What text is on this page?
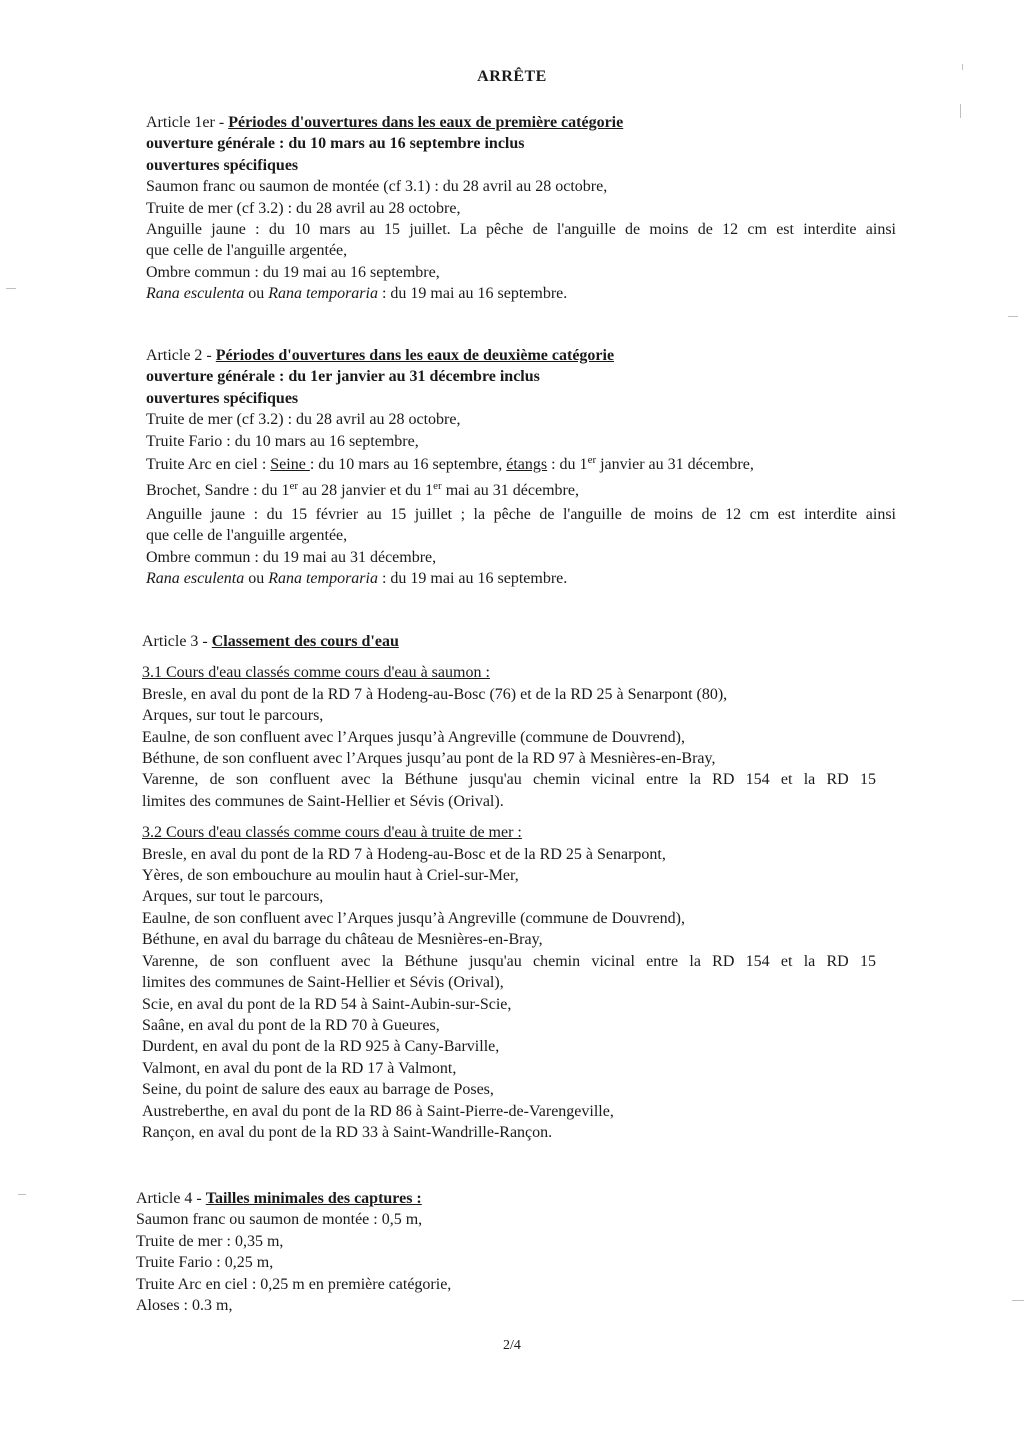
ARRÊTE
Article 1er - Périodes d'ouvertures dans les eaux de première catégorie
ouverture générale : du 10 mars au 16 septembre inclus
ouvertures spécifiques
Saumon franc ou saumon de montée (cf 3.1) : du 28 avril au 28 octobre,
Truite de mer (cf 3.2) : du 28 avril au 28 octobre,
Anguille jaune : du 10 mars au 15 juillet. La pêche de l'anguille de moins de 12 cm est interdite ainsi
que celle de l'anguille argentée,
Ombre commun : du 19 mai au 16 septembre,
Rana esculenta ou Rana temporaria : du 19 mai au 16 septembre.
Article 2 - Périodes d'ouvertures dans les eaux de deuxième catégorie
ouverture générale : du 1er janvier au 31 décembre inclus
ouvertures spécifiques
Truite de mer (cf 3.2) : du 28 avril au 28 octobre,
Truite Fario : du 10 mars au 16 septembre,
Truite Arc en ciel : Seine : du 10 mars au 16 septembre, étangs : du 1er janvier au 31 décembre,
Brochet, Sandre : du 1er au 28 janvier et du 1er mai au 31 décembre,
Anguille jaune : du 15 février au 15 juillet ; la pêche de l'anguille de moins de 12 cm est interdite ainsi
que celle de l'anguille argentée,
Ombre commun : du 19 mai au 31 décembre,
Rana esculenta ou Rana temporaria : du 19 mai au 16 septembre.
Article 3 - Classement des cours d'eau
3.1 Cours d'eau classés comme cours d'eau à saumon :
Bresle, en aval du pont de la RD 7 à Hodeng-au-Bosc (76) et de la RD 25 à Senarpont (80),
Arques, sur tout le parcours,
Eaulne, de son confluent avec l’Arques jusqu’à Angreville (commune de Douvrend),
Béthune, de son confluent avec l’Arques jusqu’au pont de la RD 97 à Mesnières-en-Bray,
Varenne, de son confluent avec la Béthune jusqu'au chemin vicinal entre la RD 154 et la RD 15
limites des communes de Saint-Hellier et Sévis (Orival).
3.2 Cours d'eau classés comme cours d'eau à truite de mer :
Bresle, en aval du pont de la RD 7 à Hodeng-au-Bosc et de la RD 25 à Senarpont,
Yères, de son embouchure au moulin haut à Criel-sur-Mer,
Arques, sur tout le parcours,
Eaulne, de son confluent avec l’Arques jusqu’à Angreville (commune de Douvrend),
Béthune, en aval du barrage du château de Mesnières-en-Bray,
Varenne, de son confluent avec la Béthune jusqu'au chemin vicinal entre la RD 154 et la RD 15
limites des communes de Saint-Hellier et Sévis (Orival),
Scie, en aval du pont de la RD 54 à Saint-Aubin-sur-Scie,
Saâne, en aval du pont de la RD 70 à Gueures,
Durdent, en aval du pont de la RD 925 à Cany-Barville,
Valmont, en aval du pont de la RD 17 à Valmont,
Seine, du point de salure des eaux au barrage de Poses,
Austreberthe, en aval du pont de la RD 86 à Saint-Pierre-de-Varengeville,
Rançon, en aval du pont de la RD 33 à Saint-Wandrille-Rançon.
Article 4 - Tailles minimales des captures :
Saumon franc ou saumon de montée : 0,5 m,
Truite de mer : 0,35 m,
Truite Fario : 0,25 m,
Truite Arc en ciel : 0,25 m en première catégorie,
Aloses : 0.3 m,
2/4
